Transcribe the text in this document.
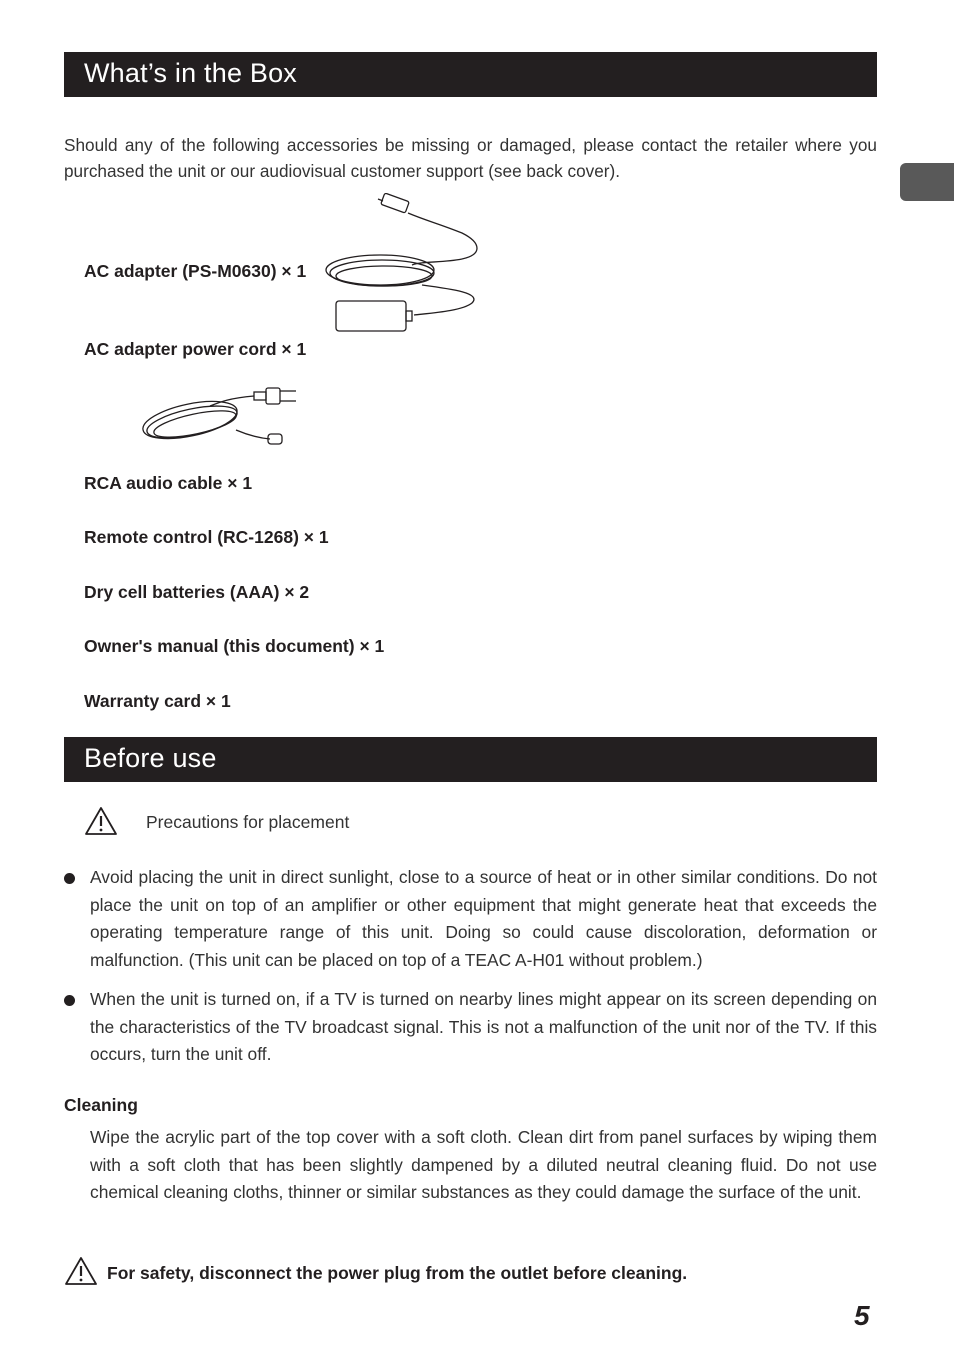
What’s in the Box
Should any of the following accessories be missing or damaged, please contact the retailer where you purchased the unit or our audiovisual customer support (see back cover).
AC adapter (PS-M0630) × 1
AC adapter power cord × 1
RCA audio cable × 1
Remote control (RC-1268) × 1
Dry cell batteries (AAA) × 2
Owner's manual (this document) × 1
Warranty card × 1
Before use
Precautions for placement
Avoid placing the unit in direct sunlight, close to a source of heat or in other similar conditions. Do not place the unit on top of an amplifier or other equipment that might generate heat that exceeds the operating temperature range of this unit. Doing so could cause discoloration, deformation or malfunction. (This unit can be placed on top of a TEAC A-H01 without problem.)
When the unit is turned on, if a TV is turned on nearby lines might appear on its screen depending on the characteristics of the TV broadcast signal. This is not a malfunction of the unit nor of the TV. If this occurs, turn the unit off.
Cleaning
Wipe the acrylic part of the top cover with a soft cloth. Clean dirt from panel surfaces by wiping them with a soft cloth that has been slightly dampened by a diluted neutral cleaning fluid. Do not use chemical cleaning cloths, thinner or similar substances as they could damage the surface of the unit.
For safety, disconnect the power plug from the outlet before cleaning.
5
